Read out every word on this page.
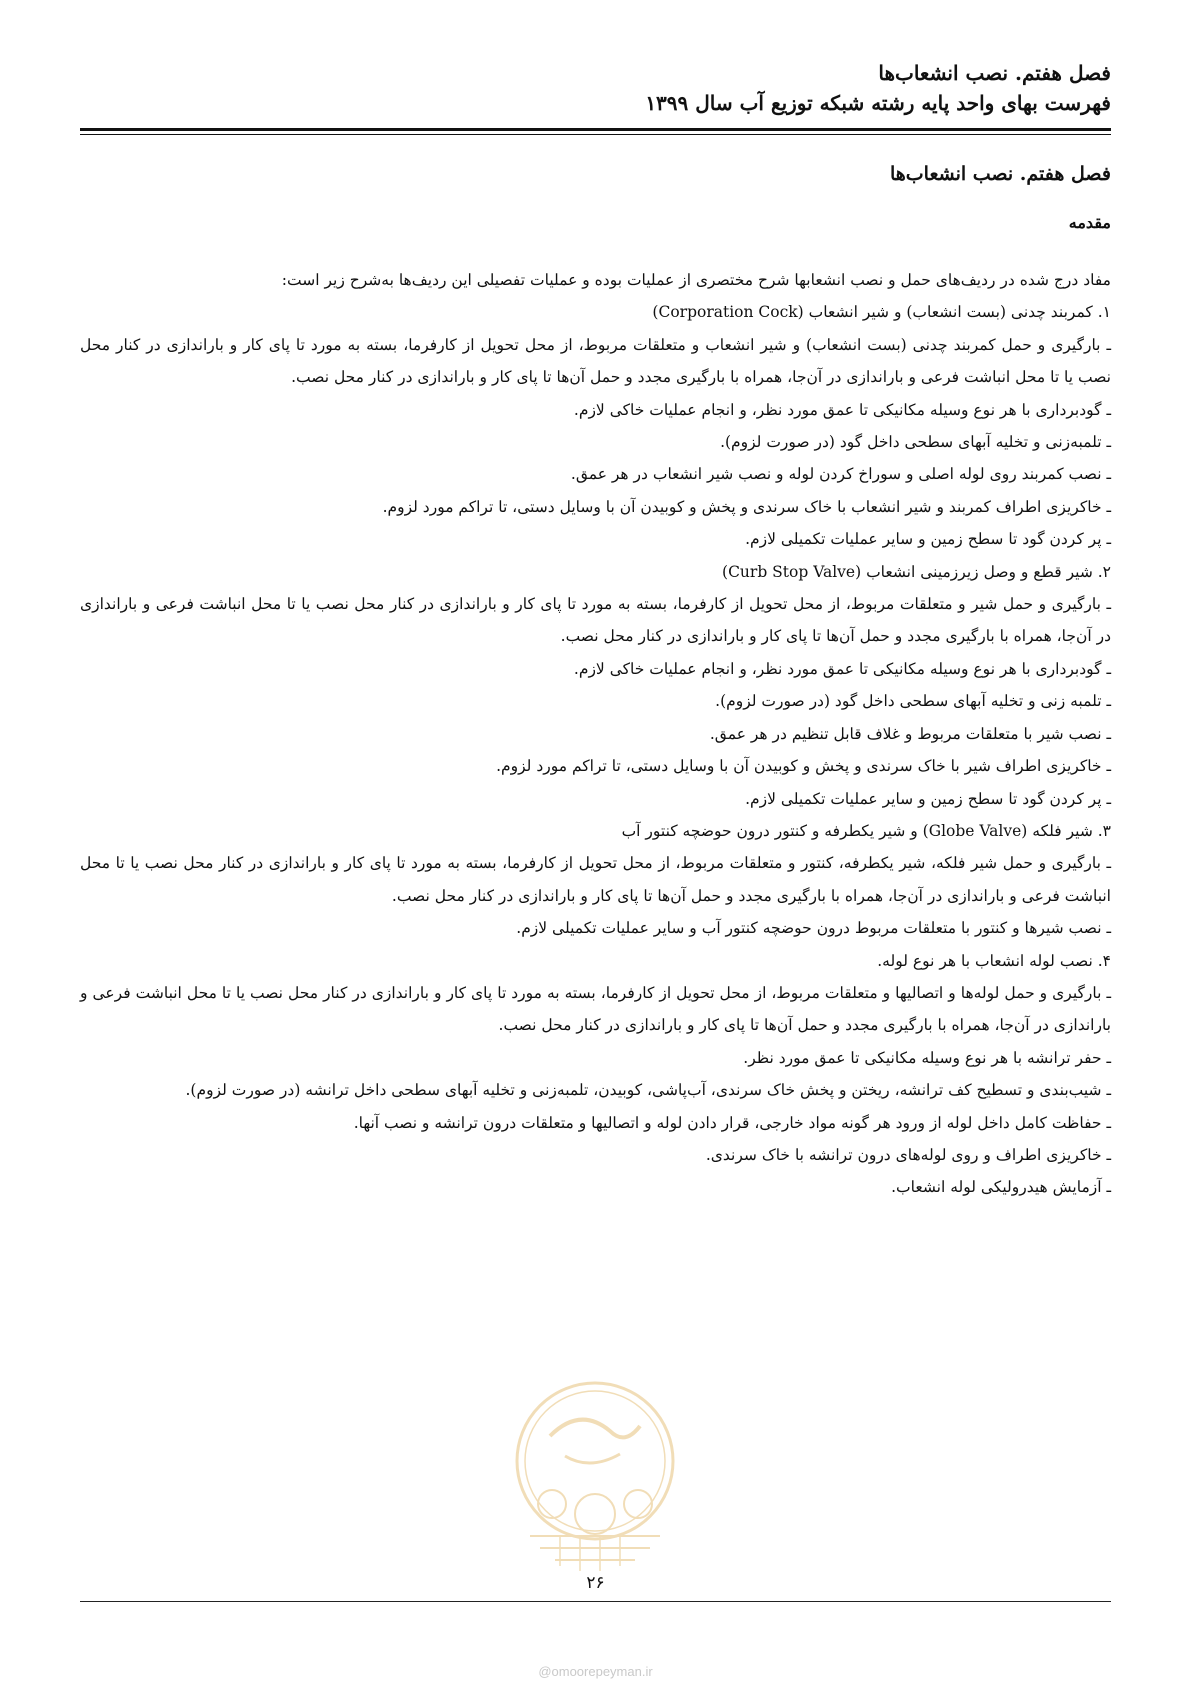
فصل هفتم. نصب انشعاب‌ها

فهرست بهای واحد پایه رشته شبکه توزیع آب سال ۱۳۹۹

فصل هفتم. نصب انشعاب‌ها
مقدمه

مفاد درج شده در ردیف‌های حمل و نصب انشعابها شرح مختصری از عملیات بوده و عملیات تفصیلی این ردیف‌ها به‌شرح زیر است:

۱. کمربند چدنی (بست انشعاب) و شیر انشعاب (Corporation Cock)

ـ بارگیری و حمل کمربند چدنی (بست انشعاب) و شیر انشعاب و متعلقات مربوط، از محل تحویل از کارفرما، بسته به مورد تا پای کار و باراندازی در کنار محل نصب یا تا محل انباشت فرعی و باراندازی در آن‌جا، همراه با بارگیری مجدد و حمل آن‌ها تا پای کار و باراندازی در کنار محل نصب.

ـ گودبرداری با هر نوع وسیله مکانیکی تا عمق مورد نظر، و انجام عملیات خاکی لازم.

ـ تلمبه‌زنی و تخلیه آبهای سطحی داخل گود (در صورت لزوم).

ـ نصب کمربند روی لوله اصلی و سوراخ کردن لوله و نصب شیر انشعاب در هر عمق.

ـ خاکریزی اطراف کمربند و شیر انشعاب با خاک سرندی و پخش و کوبیدن آن با وسایل دستی، تا تراکم مورد لزوم.

ـ پر کردن گود تا سطح زمین و سایر عملیات تکمیلی لازم.

۲. شیر قطع و وصل زیرزمینی انشعاب (Curb Stop Valve)

ـ بارگیری و حمل شیر و متعلقات مربوط، از محل تحویل از کارفرما، بسته به مورد تا پای کار و باراندازی در کنار محل نصب یا تا محل انباشت فرعی و باراندازی در آن‌جا، همراه با بارگیری مجدد و حمل آن‌ها تا پای کار و باراندازی در کنار محل نصب.

ـ گودبرداری با هر نوع وسیله مکانیکی تا عمق مورد نظر، و انجام عملیات خاکی لازم.

ـ تلمبه زنی و تخلیه آبهای سطحی داخل گود (در صورت لزوم).

ـ نصب شیر با متعلقات مربوط و غلاف قابل تنظیم در هر عمق.

ـ خاکریزی اطراف شیر با خاک سرندی و پخش و کوبیدن آن با وسایل دستی، تا تراکم مورد لزوم.

ـ پر کردن گود تا سطح زمین و سایر عملیات تکمیلی لازم.

۳. شیر فلکه (Globe Valve) و شیر یکطرفه و کنتور درون حوضچه کنتور آب

ـ بارگیری و حمل شیر فلکه، شیر یکطرفه، کنتور و متعلقات مربوط، از محل تحویل از کارفرما، بسته به مورد تا پای کار و باراندازی در کنار محل نصب یا تا محل انباشت فرعی و باراندازی در آن‌جا، همراه با بارگیری مجدد و حمل آن‌ها تا پای کار و باراندازی در کنار محل نصب.

ـ نصب شیرها و کنتور با متعلقات مربوط درون حوضچه کنتور آب و سایر عملیات تکمیلی لازم.

۴. نصب لوله انشعاب با هر نوع لوله.

ـ بارگیری و حمل لوله‌ها و اتصالیها و متعلقات مربوط، از محل تحویل از کارفرما، بسته به مورد تا پای کار و باراندازی در کنار محل نصب یا تا محل انباشت فرعی و باراندازی در آن‌جا، همراه با بارگیری مجدد و حمل آن‌ها تا پای کار و باراندازی در کنار محل نصب.

ـ حفر ترانشه با هر نوع وسیله مکانیکی تا عمق مورد نظر.

ـ شیب‌بندی و تسطیح کف ترانشه، ریختن و پخش خاک سرندی، آب‌پاشی، کوبیدن، تلمبه‌زنی و تخلیه آبهای سطحی داخل ترانشه (در صورت لزوم).

ـ حفاظت کامل داخل لوله از ورود هر گونه مواد خارجی، قرار دادن لوله و اتصالیها و متعلقات درون ترانشه و نصب آنها.

ـ خاکریزی اطراف و روی لوله‌های درون ترانشه با خاک سرندی.

ـ آزمایش هیدرولیکی لوله انشعاب.

۲۶
@omoorepeyman.ir
